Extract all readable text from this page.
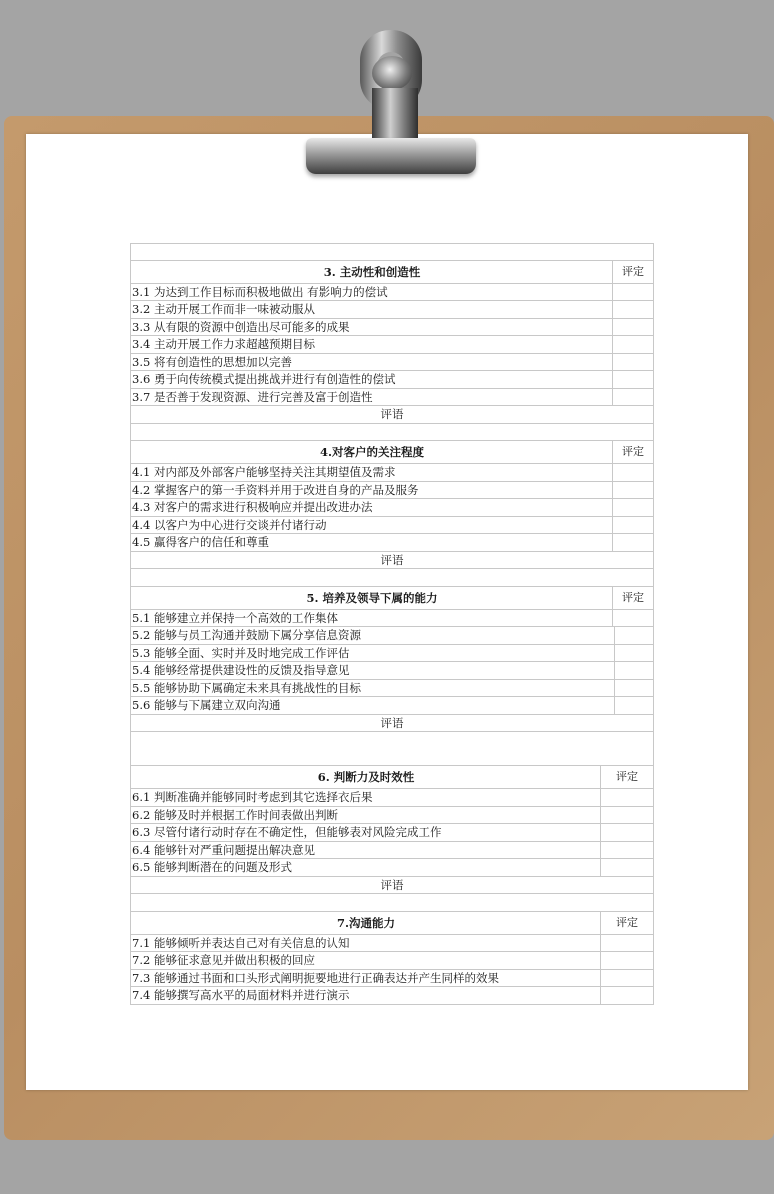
3. 主动性和创造性	评定
3.1 为达到工作目标而积极地做出 有影响力的偿试
3.2 主动开展工作而非一味被动服从
3.3 从有限的资源中创造出尽可能多的成果
3.4 主动开展工作力求超越预期目标
3.5 将有创造性的思想加以完善
3.6 勇于向传统模式提出挑战并进行有创造性的偿试
3.7 是否善于发现资源、进行完善及富于创造性
评语
4.对客户的关注程度	评定
4.1 对内部及外部客户能够坚持关注其期望值及需求
4.2 掌握客户的第一手资料并用于改进自身的产品及服务
4.3 对客户的需求进行积极响应并提出改进办法
4.4 以客户为中心进行交谈并付诸行动
4.5 赢得客户的信任和尊重
评语
5. 培养及领导下属的能力	评定
5.1 能够建立并保持一个高效的工作集体
5.2 能够与员工沟通并鼓励下属分享信息资源
5.3 能够全面、实时并及时地完成工作评估
5.4 能够经常提供建设性的反馈及指导意见
5.5 能够协助下属确定未来具有挑战性的目标
5.6 能够与下属建立双向沟通
评语
6. 判断力及时效性	评定
6.1 判断准确并能够同时考虑到其它选择衣后果
6.2 能够及时并根据工作时间表做出判断
6.3 尽管付诸行动时存在不确定性，但能够表对风险完成工作
6.4 能够针对严重问题提出解决意见
6.5 能够判断潜在的问题及形式
评语
7.沟通能力	评定
7.1 能够倾听并表达自己对有关信息的认知
7.2 能够征求意见并做出积极的回应
7.3 能够通过书面和口头形式阐明扼要地进行正确表达并产生同样的效果
7.4 能够撰写高水平的局面材料并进行演示
